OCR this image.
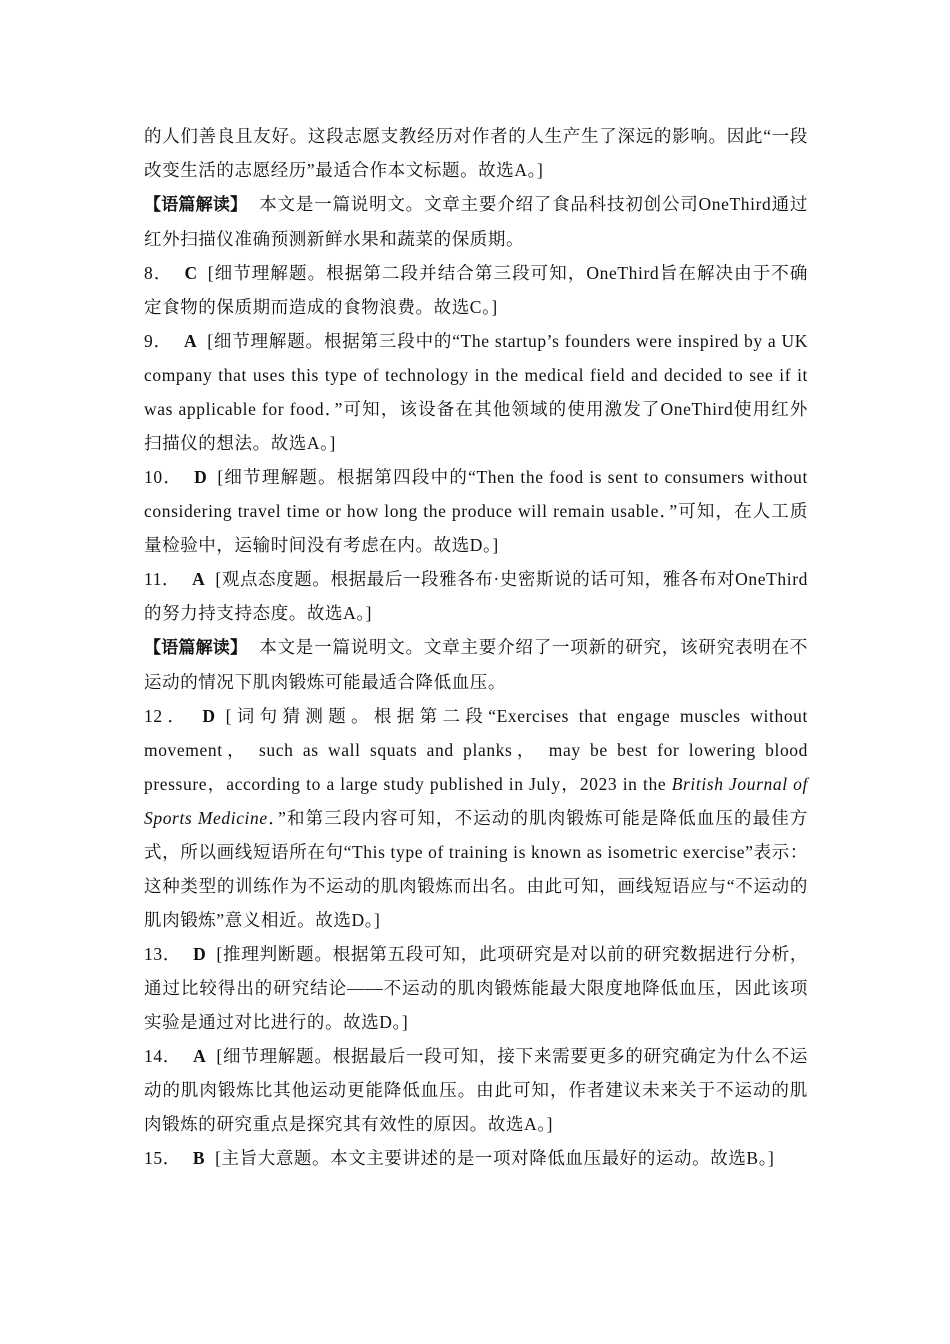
的人们善良且友好。这段志愿支教经历对作者的人生产生了深远的影响。因此“一段改变生活的志愿经历”最适合作本文标题。故选A。]

【语篇解读】 本文是一篇说明文。文章主要介绍了食品科技初创公司OneThird通过红外扫描仪准确预测新鲜水果和蔬菜的保质期。

8． C [细节理解题。根据第二段并结合第三段可知，OneThird旨在解决由于不确定食物的保质期而造成的食物浪费。故选C。]

9． A [细节理解题。根据第三段中的“The startup’s founders were inspired by a UK company that uses this type of technology in the medical field and decided to see if it was applicable for food．”可知，该设备在其他领域的使用激发了OneThird使用红外扫描仪的想法。故选A。]

10． D [细节理解题。根据第四段中的“Then the food is sent to consumers without considering travel time or how long the produce will remain usable．”可知，在人工质量检验中，运输时间没有考虑在内。故选D。]

11． A [观点态度题。根据最后一段雅各布·史密斯说的话可知，雅各布对OneThird的努力持支持态度。故选A。]

【语篇解读】 本文是一篇说明文。文章主要介绍了一项新的研究，该研究表明在不运动的情况下肌肉锻炼可能最适合降低血压。

12． D [词句猜测题。根据第二段“Exercises that engage muscles without movement， such as wall squats and planks， may be best for lowering blood pressure，according to a large study published in July，2023 in the British Journal of Sports Medicine．”和第三段内容可知，不运动的肌肉锻炼可能是降低血压的最佳方式，所以画线短语所在句“This type of training is known as isometric exercise”表示：这种类型的训练作为不运动的肌肉锻炼而出名。由此可知，画线短语应与“不运动的肌肉锻炼”意义相近。故选D。]

13． D [推理判断题。根据第五段可知，此项研究是对以前的研究数据进行分析，通过比较得出的研究结论——不运动的肌肉锻炼能最大限度地降低血压，因此该项实验是通过对比进行的。故选D。]

14． A [细节理解题。根据最后一段可知，接下来需要更多的研究确定为什么不运动的肌肉锻炼比其他运动更能降低血压。由此可知，作者建议未来关于不运动的肌肉锻炼的研究重点是探究其有效性的原因。故选A。]

15． B [主旨大意题。本文主要讲述的是一项对降低血压最好的运动。故选B。]
